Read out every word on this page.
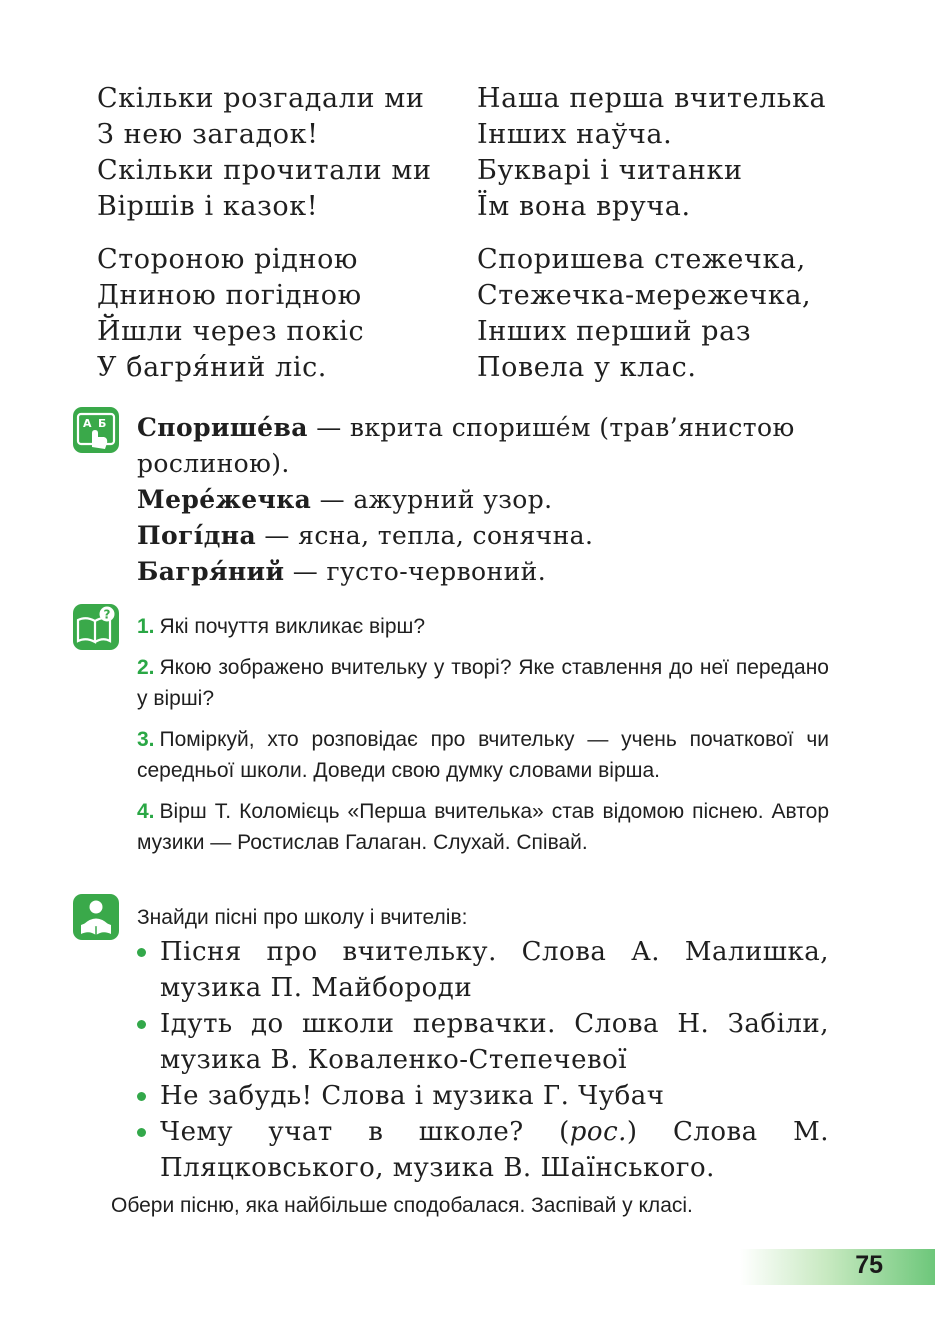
Скільки розгадали ми
З нею загадок!
Скільки прочитали ми
Віршів і казок!
Стороною рідною
Дниною погідною
Йшли через покіс
У багря́ний ліс.
Наша перша вчителька
Інших наўча.
Букварі і читанки
Їм вона вруча.
Споришева стежечка,
Стежечка-мережечка,
Інших перший раз
Повела у клас.
А Б Споришéва — вкрита споришéм (трав’янистою рослиною).

Мерéжечка — ажурний узор.

Погíдна — ясна, тепла, сонячна.

Багря́ний — густо-червоний.

?

1. Які почуття викликає вірш?

2. Якою зображено вчительку у творі? Яке ставлення до неї передано у вірші?

3. Поміркуй, хто розповідає про вчительку — учень початкової чи середньої школи. Доведи свою думку словами вірша.

4. Вірш Т. Коломієць «Перша вчителька» став відомою піснею. Автор музики — Ростислав Галаган. Слухай. Співай.

Знайди пісні про школу і вчителів:
Пісня про вчительку. Слова А. Малишка, музика П. Майбороди
Ідуть до школи первачки. Слова Н. Забіли, музика В. Коваленко-Степечевої
Не забудь! Слова і музика Г. Чубач
Чему учат в школе? (рос.) Слова М. Пляцковського, музика В. Шаїнського.
Обери пісню, яка найбільше сподобалася. Заспівай у класі.
75
